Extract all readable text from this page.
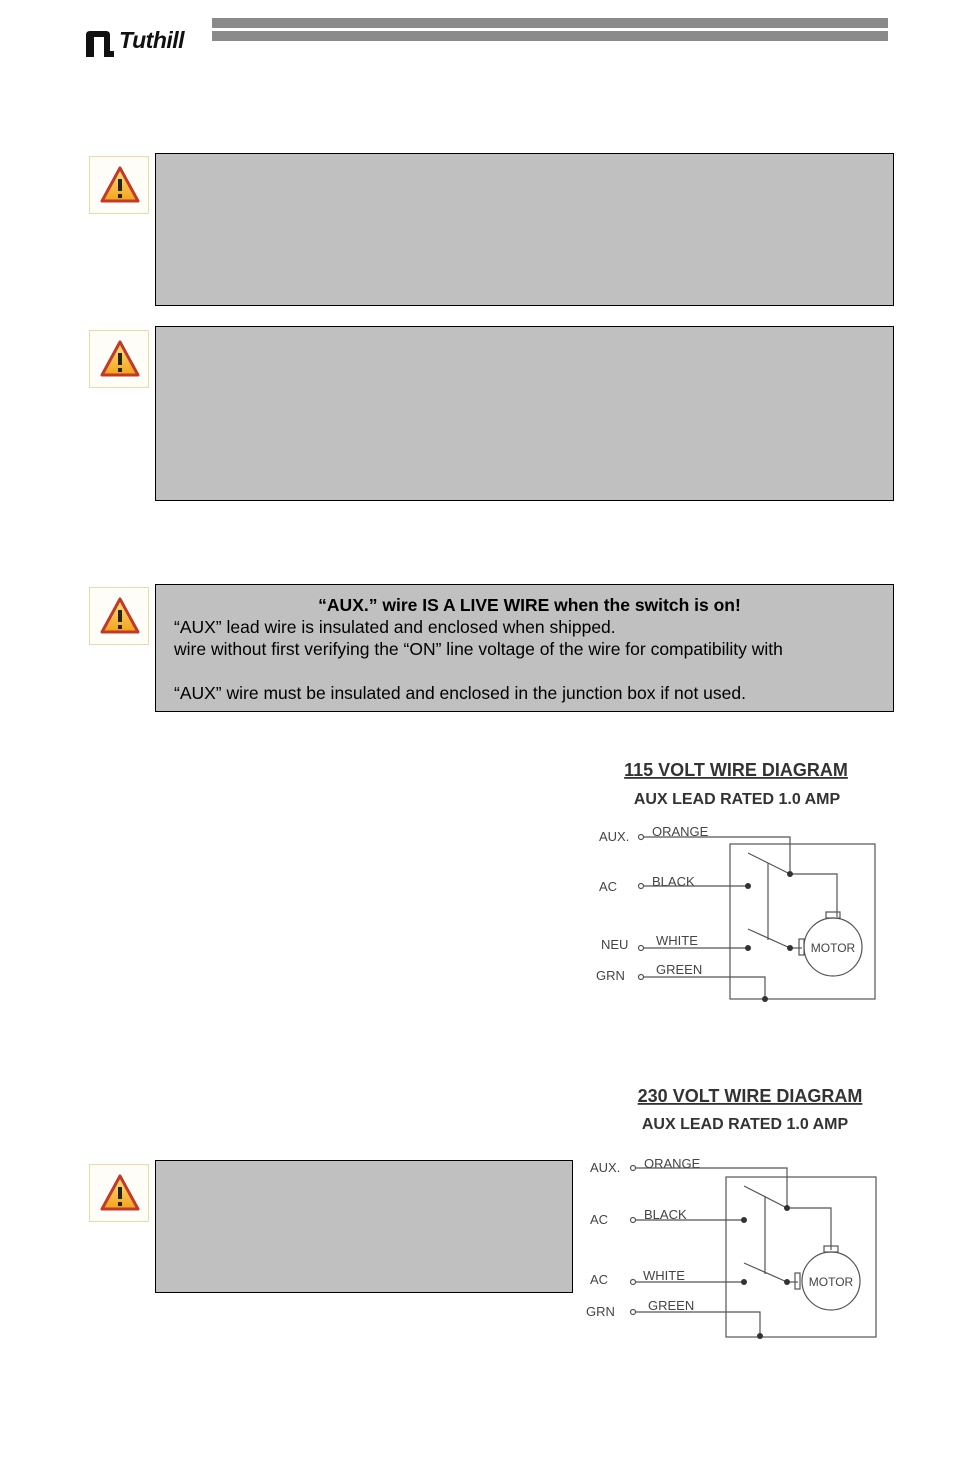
Tuthill
“AUX.” wire IS A LIVE WIRE when the switch is on!
“AUX” lead wire is insulated and enclosed when shipped.
wire without first verifying the “ON” line voltage of the wire for compatibility with
“AUX” wire must be insulated and enclosed in the junction box if not used.
115 VOLT WIRE DIAGRAM
AUX LEAD RATED 1.0 AMP
AUX.
AC
NEU
GRN
ORANGE
BLACK
WHITE
GREEN
MOTOR
230 VOLT WIRE DIAGRAM
AUX LEAD RATED 1.0 AMP
AUX.
AC
AC
GRN
ORANGE
BLACK
WHITE
GREEN
MOTOR
